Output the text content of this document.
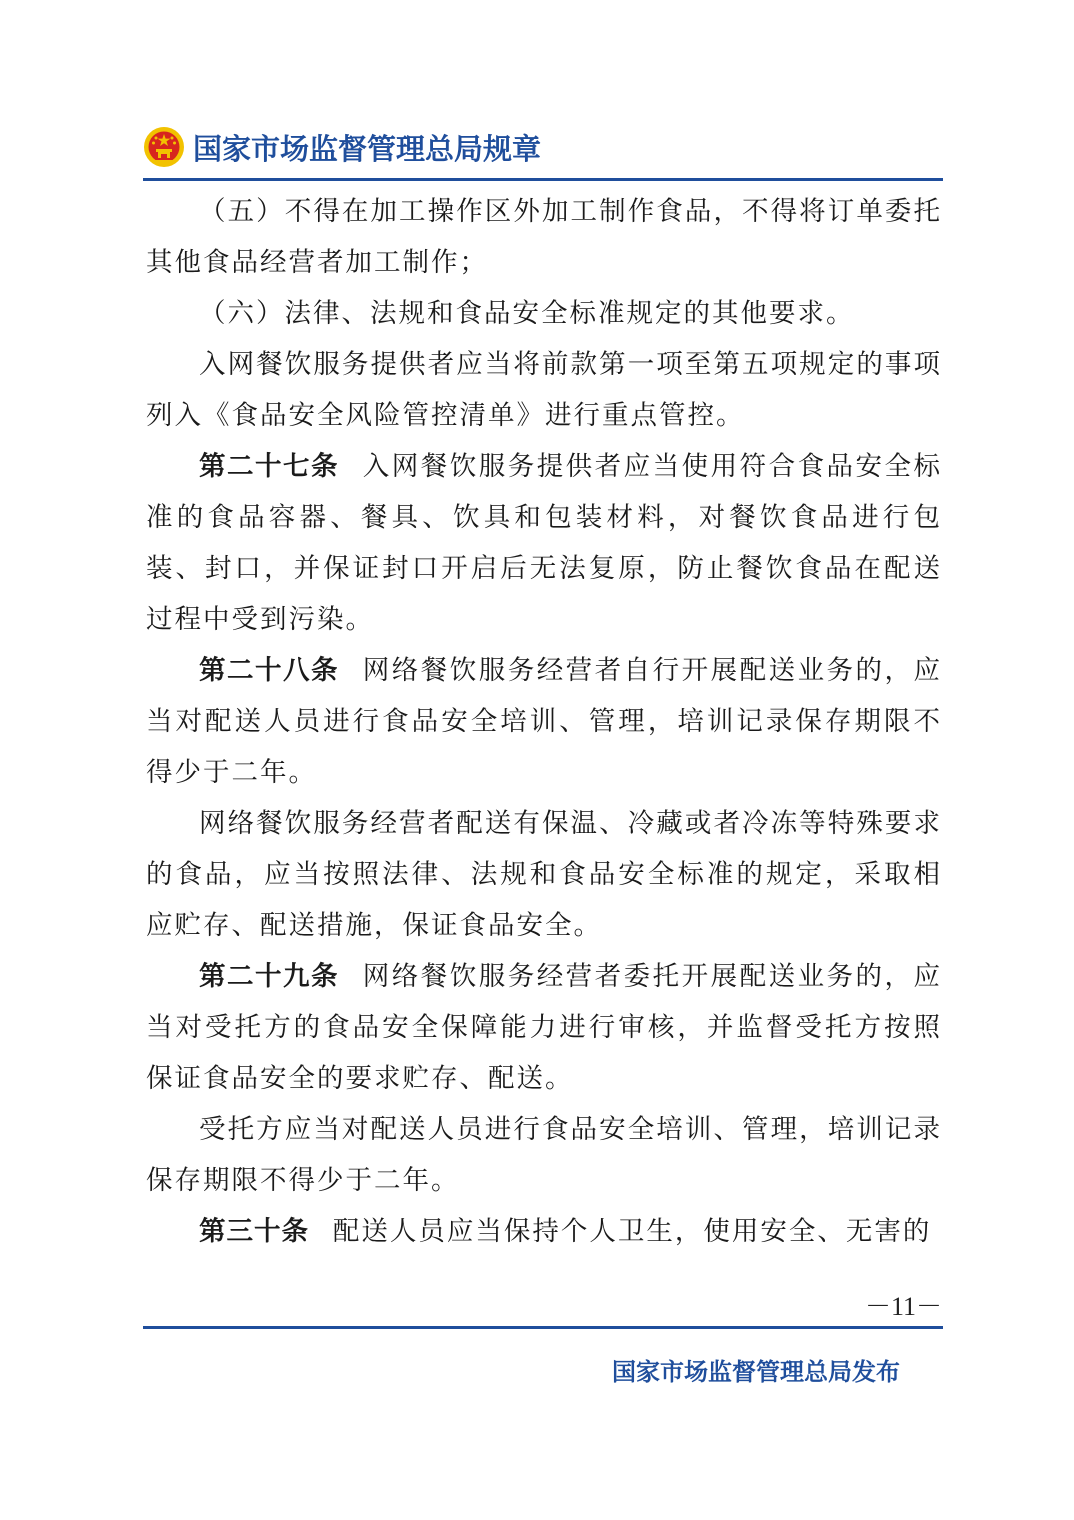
国家市场监督管理总局规章

（五）不得在加工操作区外加工制作食品，不得将订单委托其他食品经营者加工制作；

（六）法律、法规和食品安全标准规定的其他要求。

入网餐饮服务提供者应当将前款第一项至第五项规定的事项列入《食品安全风险管控清单》进行重点管控。

第二十七条 入网餐饮服务提供者应当使用符合食品安全标准的食品容器、餐具、饮具和包装材料，对餐饮食品进行包装、封口，并保证封口开启后无法复原，防止餐饮食品在配送过程中受到污染。

第二十八条 网络餐饮服务经营者自行开展配送业务的，应当对配送人员进行食品安全培训、管理，培训记录保存期限不得少于二年。

网络餐饮服务经营者配送有保温、冷藏或者冷冻等特殊要求的食品，应当按照法律、法规和食品安全标准的规定，采取相应贮存、配送措施，保证食品安全。

第二十九条 网络餐饮服务经营者委托开展配送业务的，应当对受托方的食品安全保障能力进行审核，并监督受托方按照保证食品安全的要求贮存、配送。

受托方应当对配送人员进行食品安全培训、管理，培训记录保存期限不得少于二年。

第三十条 配送人员应当保持个人卫生，使用安全、无害的

－11－
国家市场监督管理总局发布
